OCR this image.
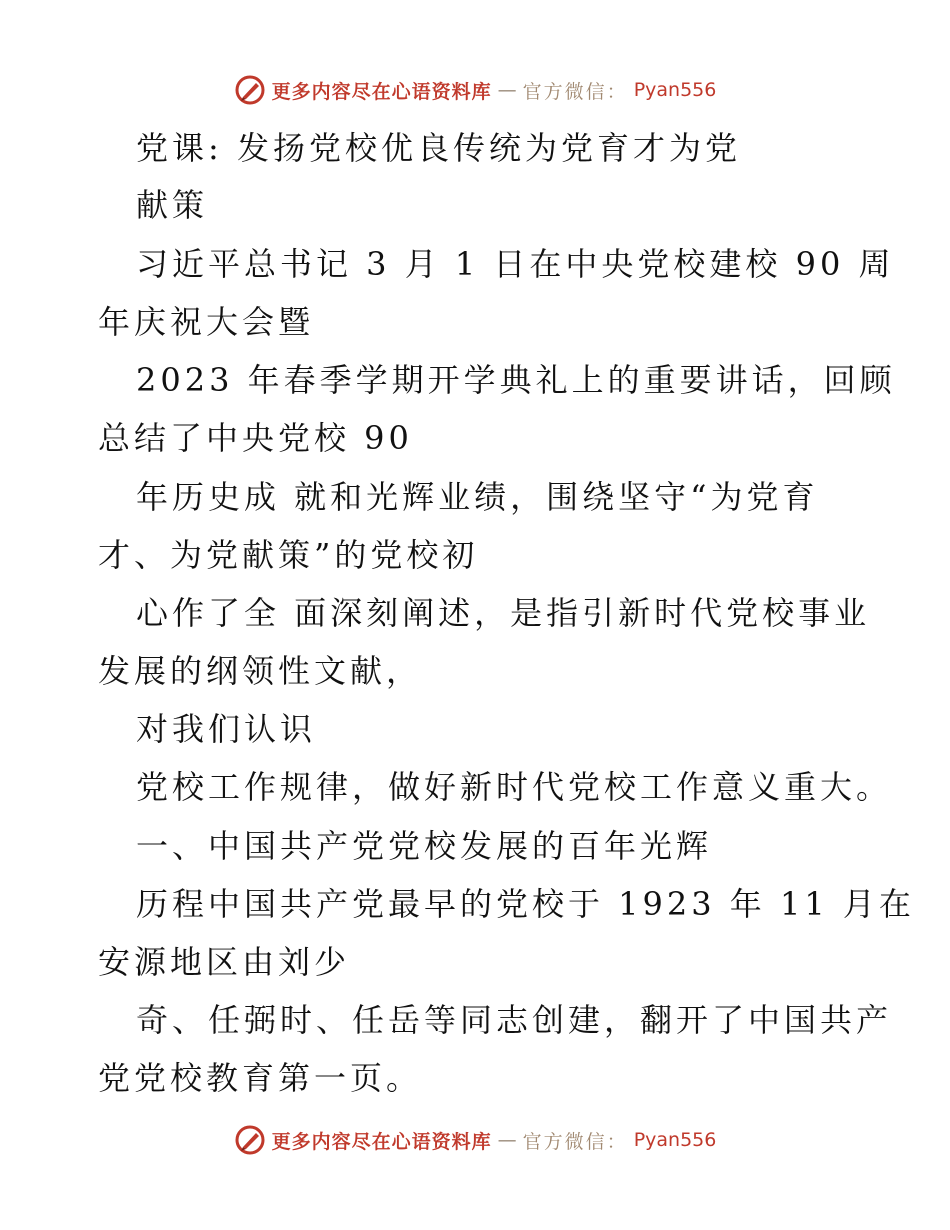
更多内容尽在心语资料库 — 官方微信： Pyan556
党课: 发扬党校优良传统为党育才为党
献策
习近平总书记 3 月 1 日在中央党校建校 90 周
年庆祝大会暨
2023 年春季学期开学典礼上的重要讲话，回顾
总结了中央党校 90
年历史成 就和光辉业绩，围绕坚守“为党育
才、为党献策”的党校初
心作了全 面深刻阐述，是指引新时代党校事业
发展的纲领性文献，
对我们认识
党校工作规律，做好新时代党校工作意义重大。
一、中国共产党党校发展的百年光辉
历程中国共产党最早的党校于 1923 年 11 月在
安源地区由刘少
奇、任弼时、任岳等同志创建，翻开了中国共产
党党校教育第一页。
更多内容尽在心语资料库 — 官方微信： Pyan556
